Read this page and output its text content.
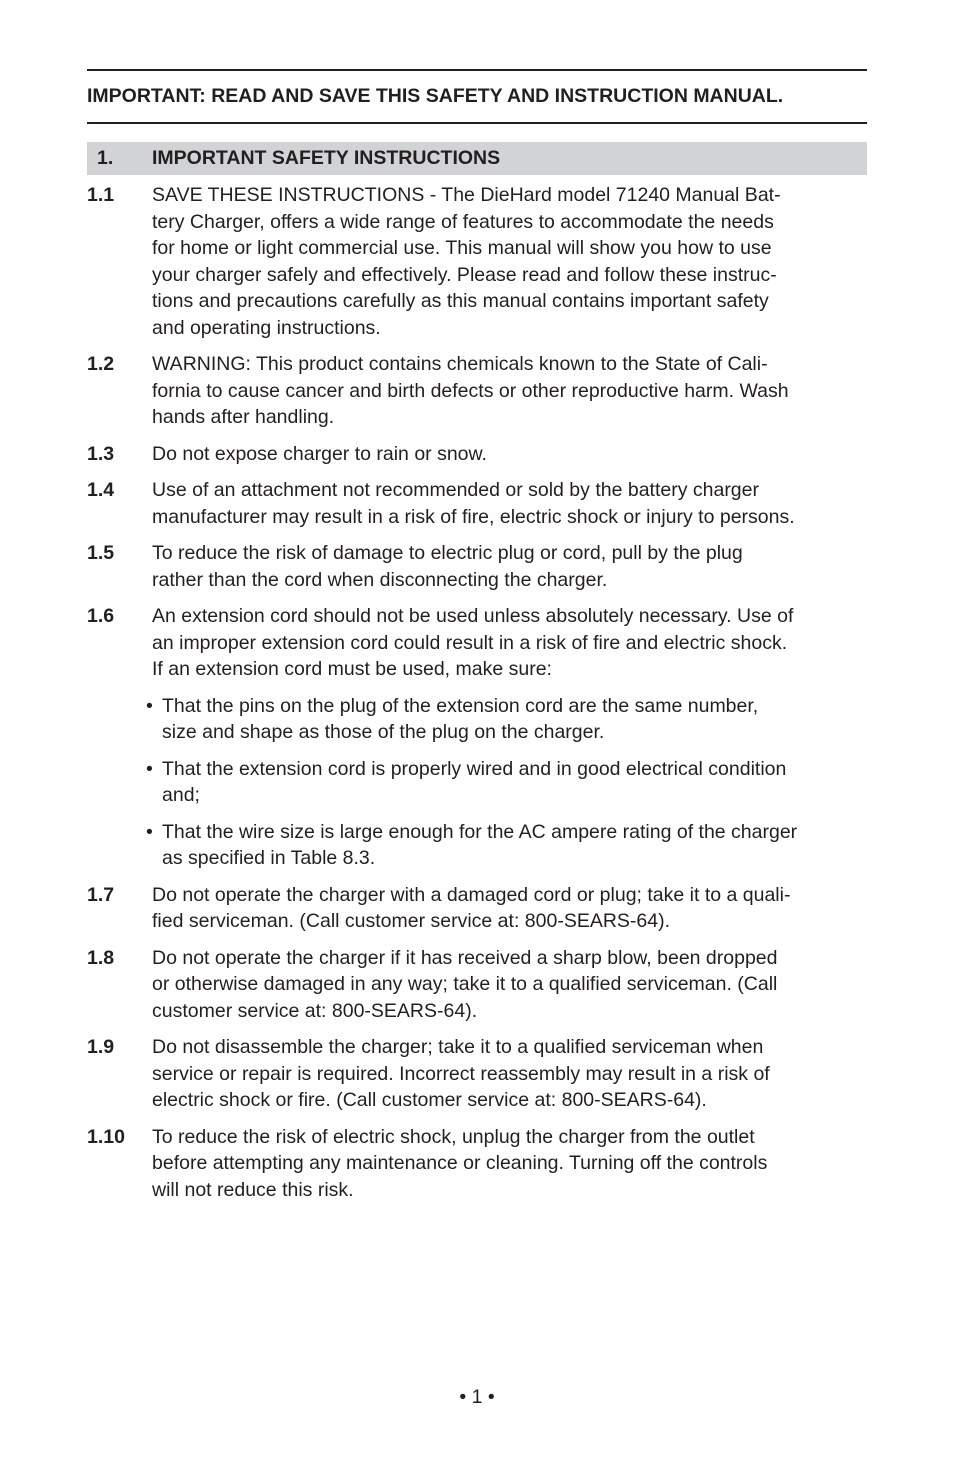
IMPORTANT: READ AND SAVE THIS SAFETY AND INSTRUCTION MANUAL.
1.	IMPORTANT SAFETY INSTRUCTIONS
1.1	SAVE THESE INSTRUCTIONS - The DieHard model 71240 Manual Bat-
tery Charger, offers a wide range of features to accommodate the needs
for home or light commercial use. This manual will show you how to use
your charger safely and effectively. Please read and follow these instruc-
tions and precautions carefully as this manual contains important safety
and operating instructions.
1.2	WARNING: This product contains chemicals known to the State of Cali-
fornia to cause cancer and birth defects or other reproductive harm. Wash
hands after handling.
1.3	Do not expose charger to rain or snow.
1.4	Use of an attachment not recommended or sold by the battery charger
manufacturer may result in a risk of fire, electric shock or injury to persons.
1.5	To reduce the risk of damage to electric plug or cord, pull by the plug
rather than the cord when disconnecting the charger.
1.6	An extension cord should not be used unless absolutely necessary. Use of
an improper extension cord could result in a risk of fire and electric shock.
If an extension cord must be used, make sure:
• That the pins on the plug of the extension cord are the same number,
size and shape as those of the plug on the charger.
• That the extension cord is properly wired and in good electrical condition
and;
• That the wire size is large enough for the AC ampere rating of the charger
as specified in Table 8.3.
1.7	Do not operate the charger with a damaged cord or plug; take it to a quali-
fied serviceman. (Call customer service at: 800-SEARS-64).
1.8	Do not operate the charger if it has received a sharp blow, been dropped
or otherwise damaged in any way; take it to a qualified serviceman. (Call
customer service at: 800-SEARS-64).
1.9	Do not disassemble the charger; take it to a qualified serviceman when
service or repair is required. Incorrect reassembly may result in a risk of
electric shock or fire. (Call customer service at: 800-SEARS-64).
1.10	To reduce the risk of electric shock, unplug the charger from the outlet
before attempting any maintenance or cleaning. Turning off the controls
will not reduce this risk.
• 1 •
